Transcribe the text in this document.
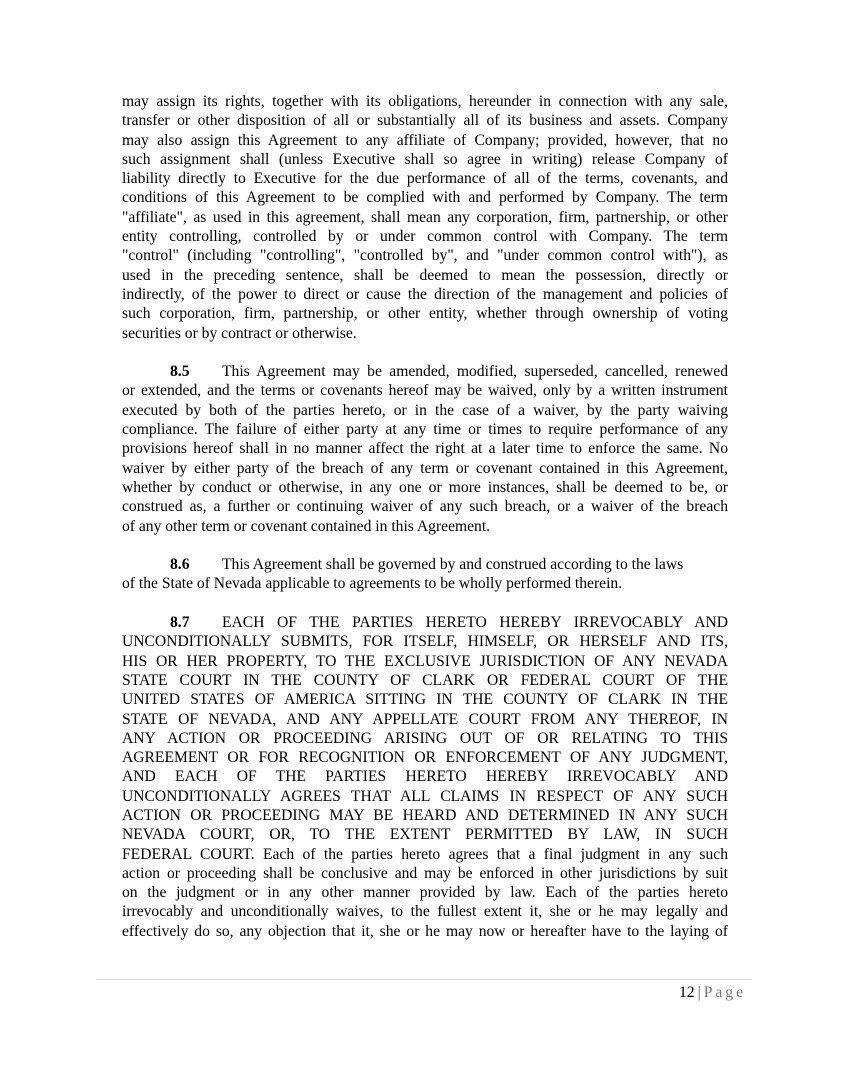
may assign its rights, together with its obligations, hereunder in connection with any sale,
transfer or other disposition of all or substantially all of its business and assets. Company
may also assign this Agreement to any affiliate of Company; provided, however, that no
such assignment shall (unless Executive shall so agree in writing) release Company of
liability directly to Executive for the due performance of all of the terms, covenants, and
conditions of this Agreement to be complied with and performed by Company. The term
"affiliate", as used in this agreement, shall mean any corporation, firm, partnership, or other
entity controlling, controlled by or under common control with Company. The term
"control" (including "controlling", "controlled by", and "under common control with"), as
used in the preceding sentence, shall be deemed to mean the possession, directly or
indirectly, of the power to direct or cause the direction of the management and policies of
such corporation, firm, partnership, or other entity, whether through ownership of voting
securities or by contract or otherwise.
8.5 This Agreement may be amended, modified, superseded, cancelled, renewed
or extended, and the terms or covenants hereof may be waived, only by a written instrument
executed by both of the parties hereto, or in the case of a waiver, by the party waiving
compliance. The failure of either party at any time or times to require performance of any
provisions hereof shall in no manner affect the right at a later time to enforce the same. No
waiver by either party of the breach of any term or covenant contained in this Agreement,
whether by conduct or otherwise, in any one or more instances, shall be deemed to be, or
construed as, a further or continuing waiver of any such breach, or a waiver of the breach
of any other term or covenant contained in this Agreement.
8.6 This Agreement shall be governed by and construed according to the laws
of the State of Nevada applicable to agreements to be wholly performed therein.
8.7 EACH OF THE PARTIES HERETO HEREBY IRREVOCABLY AND
UNCONDITIONALLY SUBMITS, FOR ITSELF, HIMSELF, OR HERSELF AND ITS,
HIS OR HER PROPERTY, TO THE EXCLUSIVE JURISDICTION OF ANY NEVADA
STATE COURT IN THE COUNTY OF CLARK OR FEDERAL COURT OF THE
UNITED STATES OF AMERICA SITTING IN THE COUNTY OF CLARK IN THE
STATE OF NEVADA, AND ANY APPELLATE COURT FROM ANY THEREOF, IN
ANY ACTION OR PROCEEDING ARISING OUT OF OR RELATING TO THIS
AGREEMENT OR FOR RECOGNITION OR ENFORCEMENT OF ANY JUDGMENT,
AND EACH OF THE PARTIES HERETO HEREBY IRREVOCABLY AND
UNCONDITIONALLY AGREES THAT ALL CLAIMS IN RESPECT OF ANY SUCH
ACTION OR PROCEEDING MAY BE HEARD AND DETERMINED IN ANY SUCH
NEVADA COURT, OR, TO THE EXTENT PERMITTED BY LAW, IN SUCH
FEDERAL COURT. Each of the parties hereto agrees that a final judgment in any such
action or proceeding shall be conclusive and may be enforced in other jurisdictions by suit
on the judgment or in any other manner provided by law. Each of the parties hereto
irrevocably and unconditionally waives, to the fullest extent it, she or he may legally and
effectively do so, any objection that it, she or he may now or hereafter have to the laying of
12 | Page
